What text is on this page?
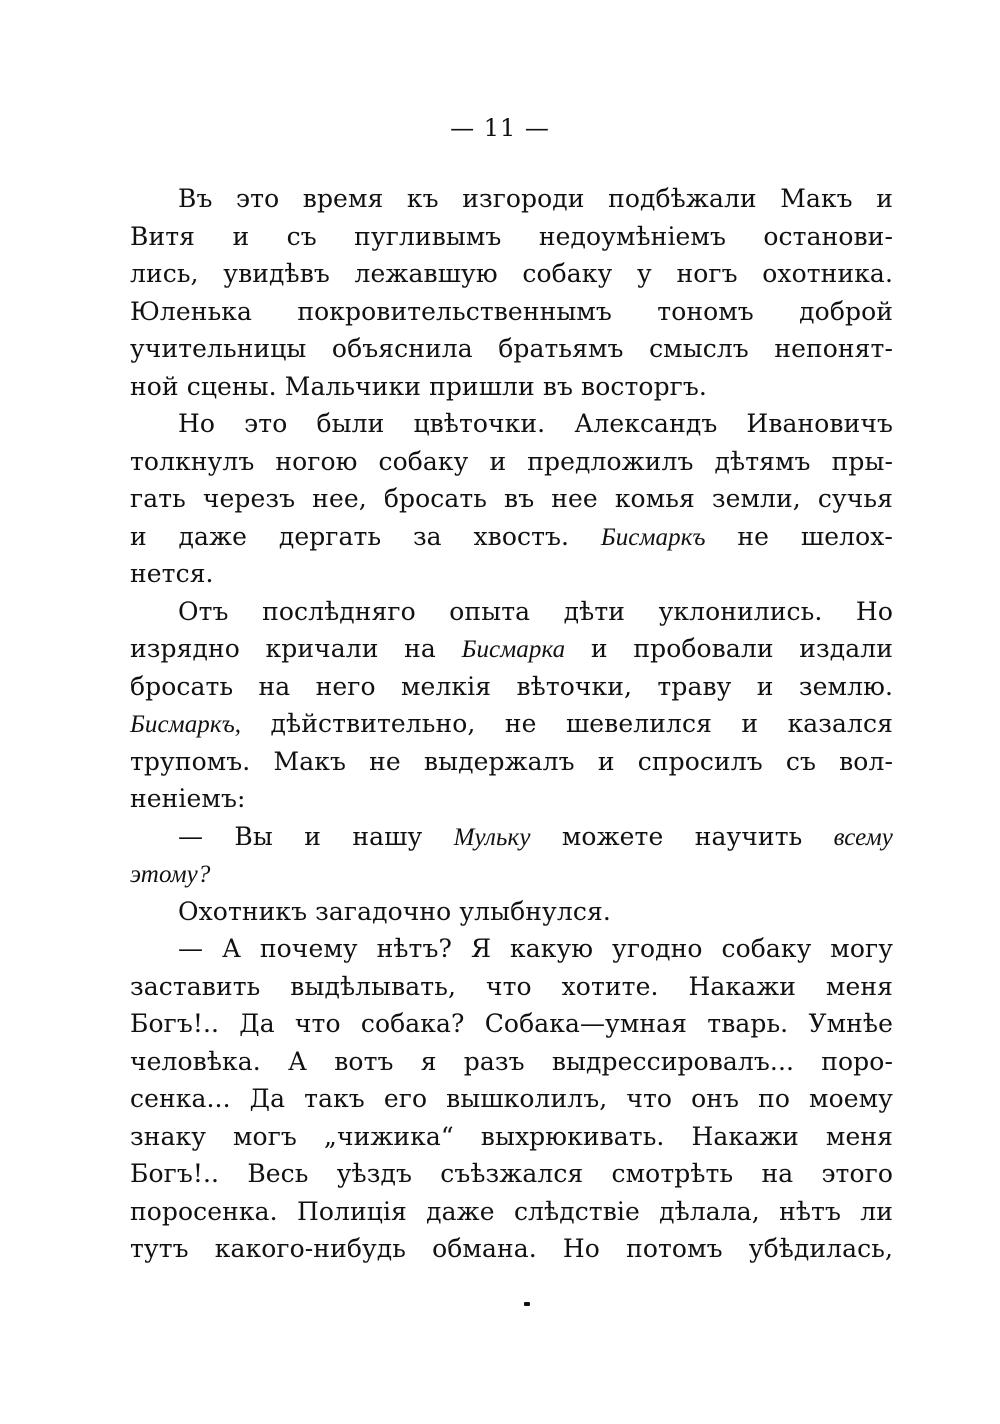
— 11 —
Въ это время къ изгороди подбѣжали Макъ и
Витя и съ пугливымъ недоумѣніемъ останови-
лись, увидѣвъ лежавшую собаку у ногъ охотника.
Юленька покровительственнымъ тономъ доброй
учительницы объяснила братьямъ смыслъ непонят-
ной сцены. Мальчики пришли въ восторгъ.
Но это были цвѣточки. Александъ Ивановичъ
толкнулъ ногою собаку и предложилъ дѣтямъ пры-
гать черезъ нее, бросать въ нее комья земли, сучья
и даже дергать за хвостъ. Бисмаркъ не шелох-
нется.
Отъ послѣдняго опыта дѣти уклонились. Но
изрядно кричали на Бисмарка и пробовали издали
бросать на него мелкія вѣточки, траву и землю.
Бисмаркъ, дѣйствительно, не шевелился и казался
трупомъ. Макъ не выдержалъ и спросилъ съ вол-
неніемъ:
— Вы и нашу Мульку можете научить всему
этому?
Охотникъ загадочно улыбнулся.
— А почему нѣтъ? Я какую угодно собаку могу
заставить выдѣлывать, что хотите. Накажи меня
Богъ!.. Да что собака? Собака—умная тварь. Умнѣе
человѣка. А вотъ я разъ выдрессировалъ... поро-
сенка... Да такъ его вышколилъ, что онъ по моему
знаку могъ „чижика“ выхрюкивать. Накажи меня
Богъ!.. Весь уѣздъ съѣзжался смотрѣть на этого
поросенка. Полиція даже слѣдствіе дѣлала, нѣтъ ли
тутъ какого-нибудь обмана. Но потомъ убѣдилась,
